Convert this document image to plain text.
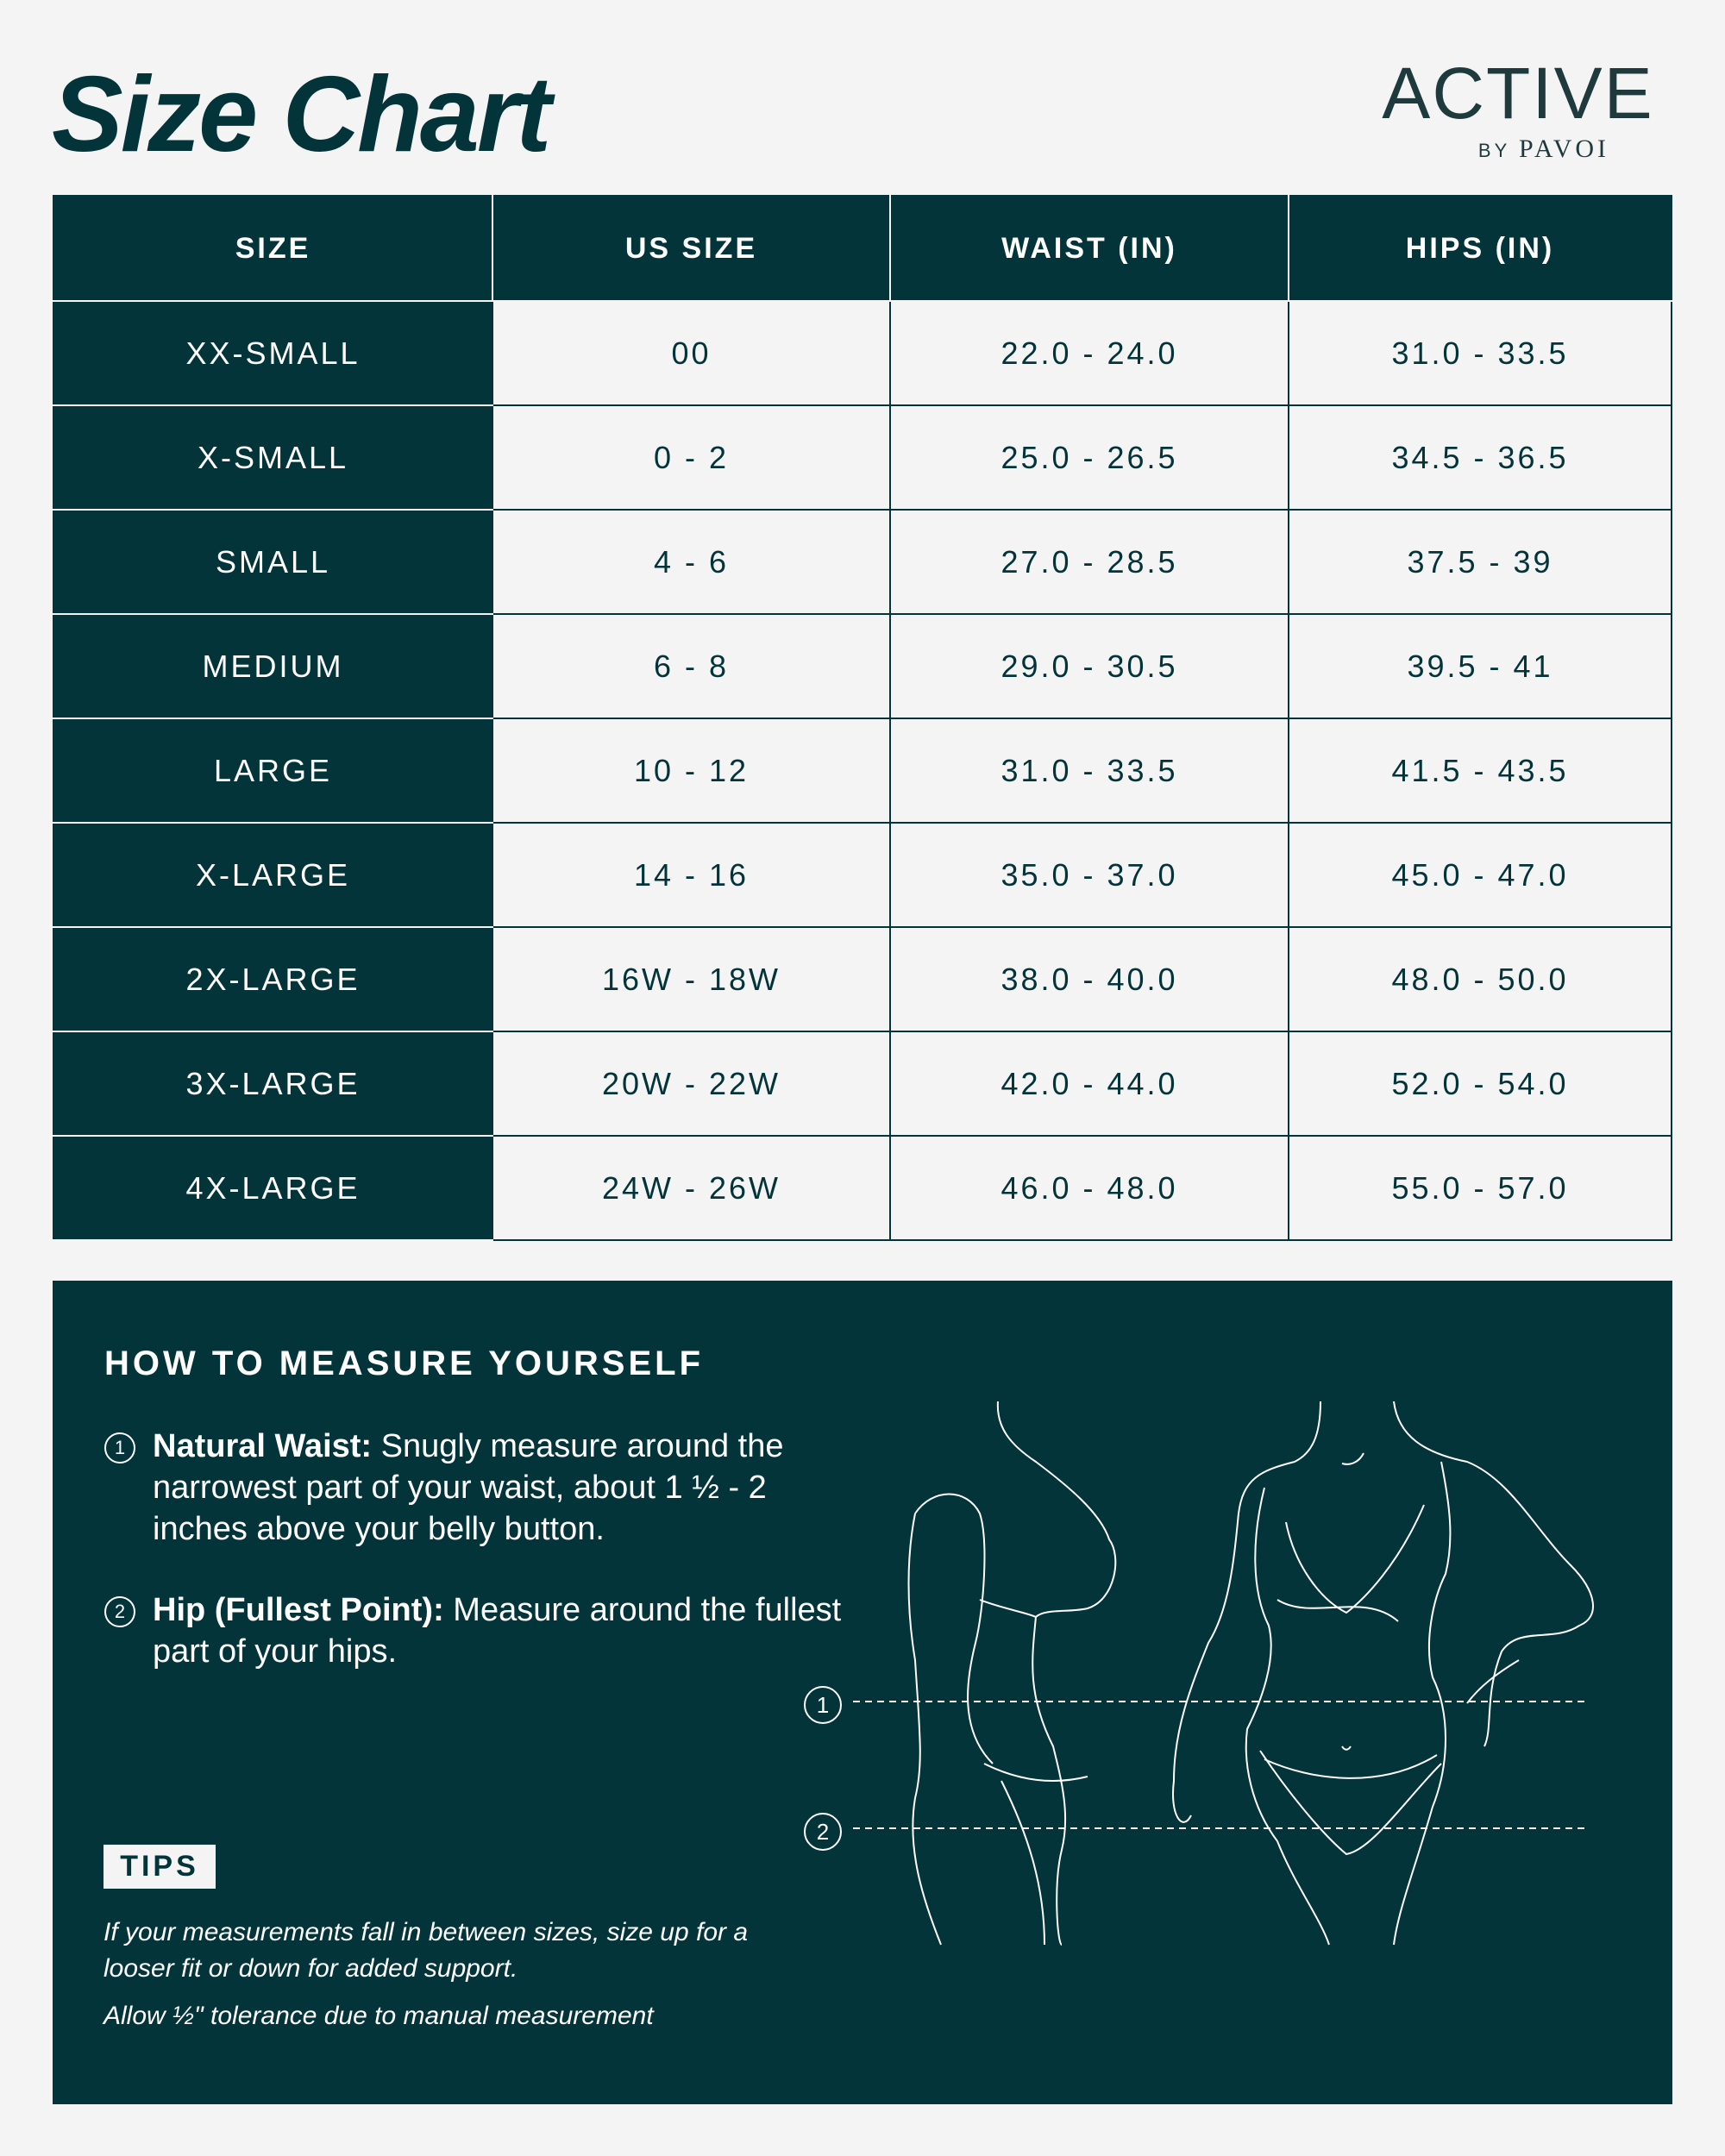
Size Chart	ACTIVE
BY PAVOI
SIZE	US SIZE	WAIST (IN)	HIPS (IN)
XX-SMALL	00	22.0 - 24.0	31.0 - 33.5
X-SMALL	0 - 2	25.0 - 26.5	34.5 - 36.5
SMALL	4 - 6	27.0 - 28.5	37.5 - 39
MEDIUM	6 - 8	29.0 - 30.5	39.5 - 41
LARGE	10 - 12	31.0 - 33.5	41.5 - 43.5
X-LARGE	14 - 16	35.0 - 37.0	45.0 - 47.0
2X-LARGE	16W - 18W	38.0 - 40.0	48.0 - 50.0
3X-LARGE	20W - 22W	42.0 - 44.0	52.0 - 54.0
4X-LARGE	24W - 26W	46.0 - 48.0	55.0 - 57.0
HOW TO MEASURE YOURSELF
1 Natural Waist: Snugly measure around the narrowest part of your waist, about 1 ½ - 2 inches above your belly button.
2 Hip (Fullest Point): Measure around the fullest part of your hips.
TIPS
If your measurements fall in between sizes, size up for a looser fit or down for added support.
Allow ½" tolerance due to manual measurement
1
2
